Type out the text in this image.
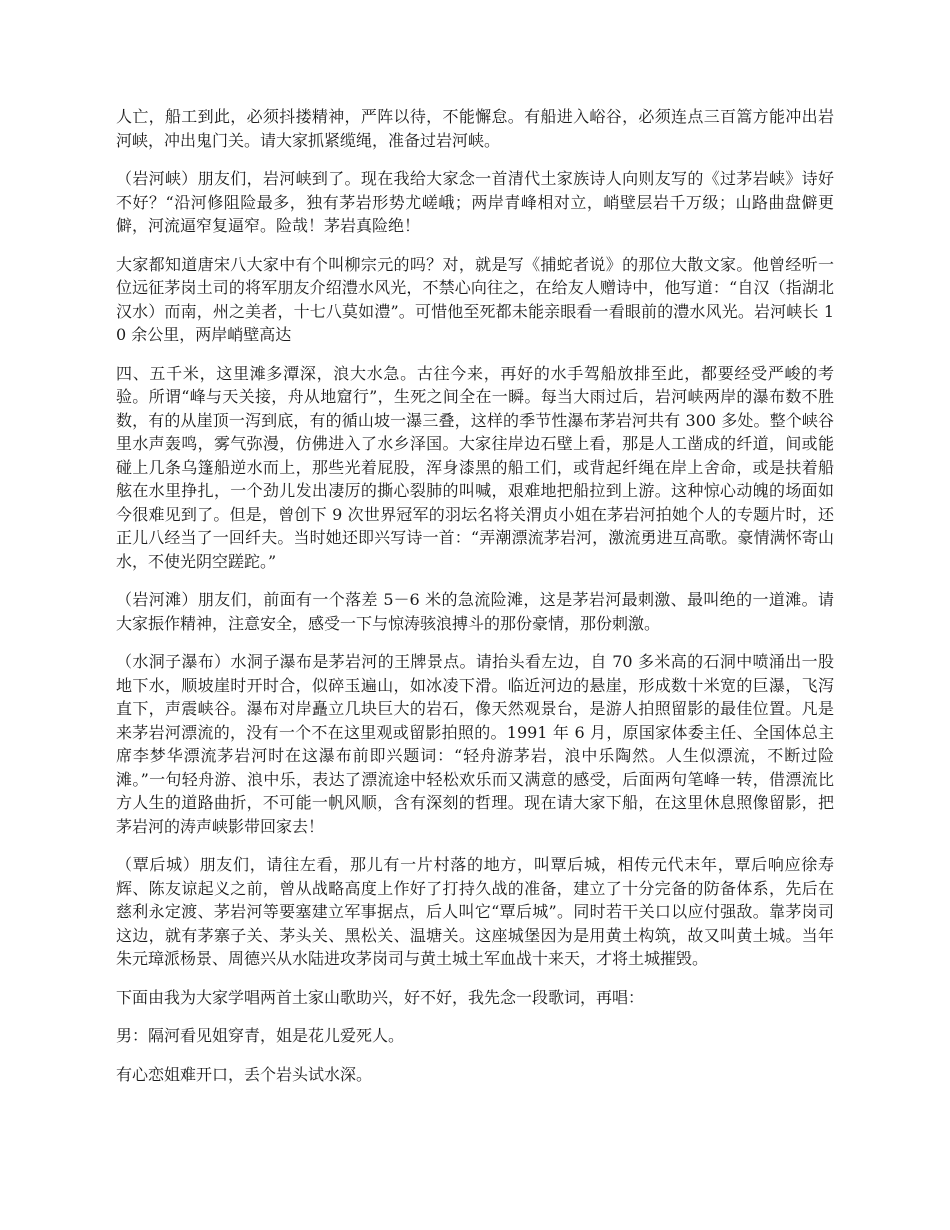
人亡，船工到此，必须抖搂精神，严阵以待，不能懈怠。有船进入峪谷，必须连点三百篙方能冲出岩河峡，冲出鬼门关。请大家抓紧缆绳，准备过岩河峡。

（岩河峡）朋友们，岩河峡到了。现在我给大家念一首清代土家族诗人向则友写的《过茅岩峡》诗好不好？“沿河修阻险最多，独有茅岩形势尤嵯峨；两岸青峰相对立，峭壁层岩千万级；山路曲盘僻更僻，河流逼窄复逼窄。险哉！茅岩真险绝！

大家都知道唐宋八大家中有个叫柳宗元的吗？对，就是写《捕蛇者说》的那位大散文家。他曾经听一位远征茅岗土司的将军朋友介绍澧水风光，不禁心向往之，在给友人赠诗中，他写道：“自汉（指湖北汉水）而南，州之美者，十七八莫如澧”。可惜他至死都未能亲眼看一看眼前的澧水风光。岩河峡长 10 余公里，两岸峭壁高达

四、五千米，这里滩多潭深，浪大水急。古往今来，再好的水手驾船放排至此，都要经受严峻的考验。所谓“峰与天关接，舟从地窟行”，生死之间全在一瞬。每当大雨过后，岩河峡两岸的瀑布数不胜数，有的从崖顶一泻到底，有的循山坡一瀑三叠，这样的季节性瀑布茅岩河共有 300 多处。整个峡谷里水声轰鸣，雾气弥漫，仿佛进入了水乡泽国。大家往岸边石壁上看，那是人工凿成的纤道，间或能碰上几条乌篷船逆水而上，那些光着屁股，浑身漆黑的船工们，或背起纤绳在岸上舍命，或是扶着船舷在水里挣扎，一个劲儿发出凄厉的撕心裂肺的叫喊，艰难地把船拉到上游。这种惊心动魄的场面如今很难见到了。但是，曾创下 9 次世界冠军的羽坛名将关渭贞小姐在茅岩河拍她个人的专题片时，还正儿八经当了一回纤夫。当时她还即兴写诗一首：“弄潮漂流茅岩河，激流勇进互高歌。豪情满怀寄山水，不使光阴空蹉跎。”

（岩河滩）朋友们，前面有一个落差 5－6 米的急流险滩，这是茅岩河最刺激、最叫绝的一道滩。请大家振作精神，注意安全，感受一下与惊涛骇浪搏斗的那份豪情，那份刺激。

（水洞子瀑布）水洞子瀑布是茅岩河的王牌景点。请抬头看左边，自 70 多米高的石洞中喷涌出一股地下水，顺坡崖时开时合，似碎玉遍山，如冰凌下滑。临近河边的悬崖，形成数十米宽的巨瀑，飞泻直下，声震峡谷。瀑布对岸矗立几块巨大的岩石，像天然观景台，是游人拍照留影的最佳位置。凡是来茅岩河漂流的，没有一个不在这里观或留影拍照的。1991 年 6 月，原国家体委主任、全国体总主席李梦华漂流茅岩河时在这瀑布前即兴题词：“轻舟游茅岩，浪中乐陶然。人生似漂流，不断过险滩。”一句轻舟游、浪中乐，表达了漂流途中轻松欢乐而又满意的感受，后面两句笔峰一转，借漂流比方人生的道路曲折，不可能一帆风顺，含有深刻的哲理。现在请大家下船，在这里休息照像留影，把茅岩河的涛声峡影带回家去！

（覃后城）朋友们，请往左看，那儿有一片村落的地方，叫覃后城，相传元代末年，覃后响应徐寿辉、陈友谅起义之前，曾从战略高度上作好了打持久战的准备，建立了十分完备的防备体系，先后在慈利永定渡、茅岩河等要塞建立军事据点，后人叫它“覃后城”。同时若干关口以应付强敌。靠茅岗司这边，就有茅寨子关、茅头关、黑松关、温塘关。这座城堡因为是用黄土构筑，故又叫黄土城。当年朱元璋派杨景、周德兴从水陆进攻茅岗司与黄土城土军血战十来天，才将土城摧毁。

下面由我为大家学唱两首土家山歌助兴，好不好，我先念一段歌词，再唱：

男：隔河看见姐穿青，姐是花儿爱死人。

有心恋姐难开口，丢个岩头试水深。
